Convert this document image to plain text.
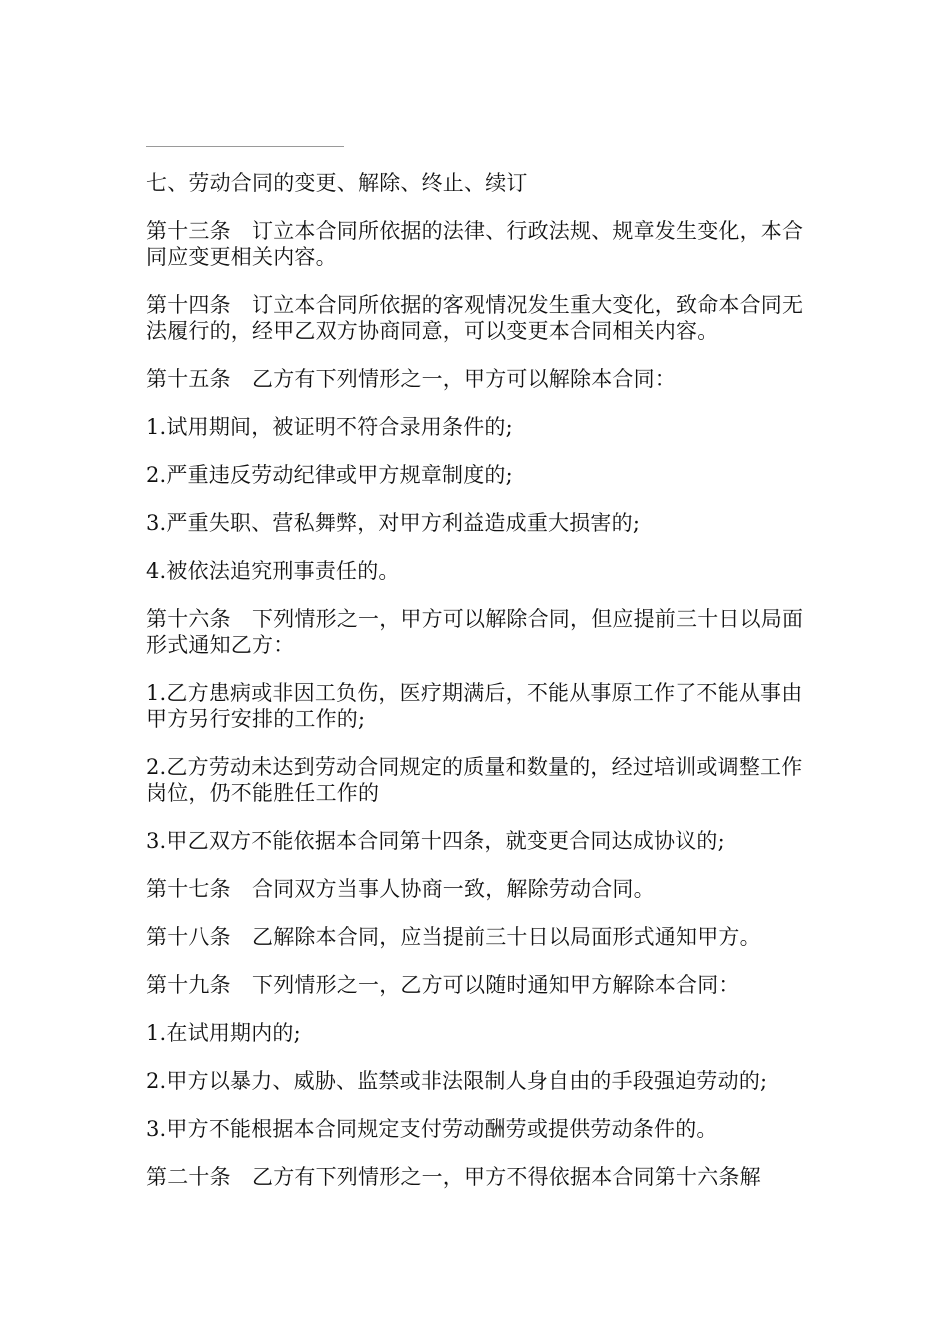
七、劳动合同的变更、解除、终止、续订

第十三条　订立本合同所依据的法律、行政法规、规章发生变化，本合同应变更相关内容。

第十四条　订立本合同所依据的客观情况发生重大变化，致命本合同无法履行的，经甲乙双方协商同意，可以变更本合同相关内容。

第十五条　乙方有下列情形之一，甲方可以解除本合同：

1.试用期间，被证明不符合录用条件的;

2.严重违反劳动纪律或甲方规章制度的;

3.严重失职、营私舞弊，对甲方利益造成重大损害的;

4.被依法追究刑事责任的。

第十六条　下列情形之一，甲方可以解除合同，但应提前三十日以局面形式通知乙方：

1.乙方患病或非因工负伤，医疗期满后，不能从事原工作了不能从事由甲方另行安排的工作的;

2.乙方劳动未达到劳动合同规定的质量和数量的，经过培训或调整工作岗位，仍不能胜任工作的

3.甲乙双方不能依据本合同第十四条，就变更合同达成协议的;

第十七条　合同双方当事人协商一致，解除劳动合同。

第十八条　乙解除本合同，应当提前三十日以局面形式通知甲方。

第十九条　下列情形之一，乙方可以随时通知甲方解除本合同：

1.在试用期内的;

2.甲方以暴力、威胁、监禁或非法限制人身自由的手段强迫劳动的;

3.甲方不能根据本合同规定支付劳动酬劳或提供劳动条件的。

第二十条　乙方有下列情形之一，甲方不得依据本合同第十六条解
